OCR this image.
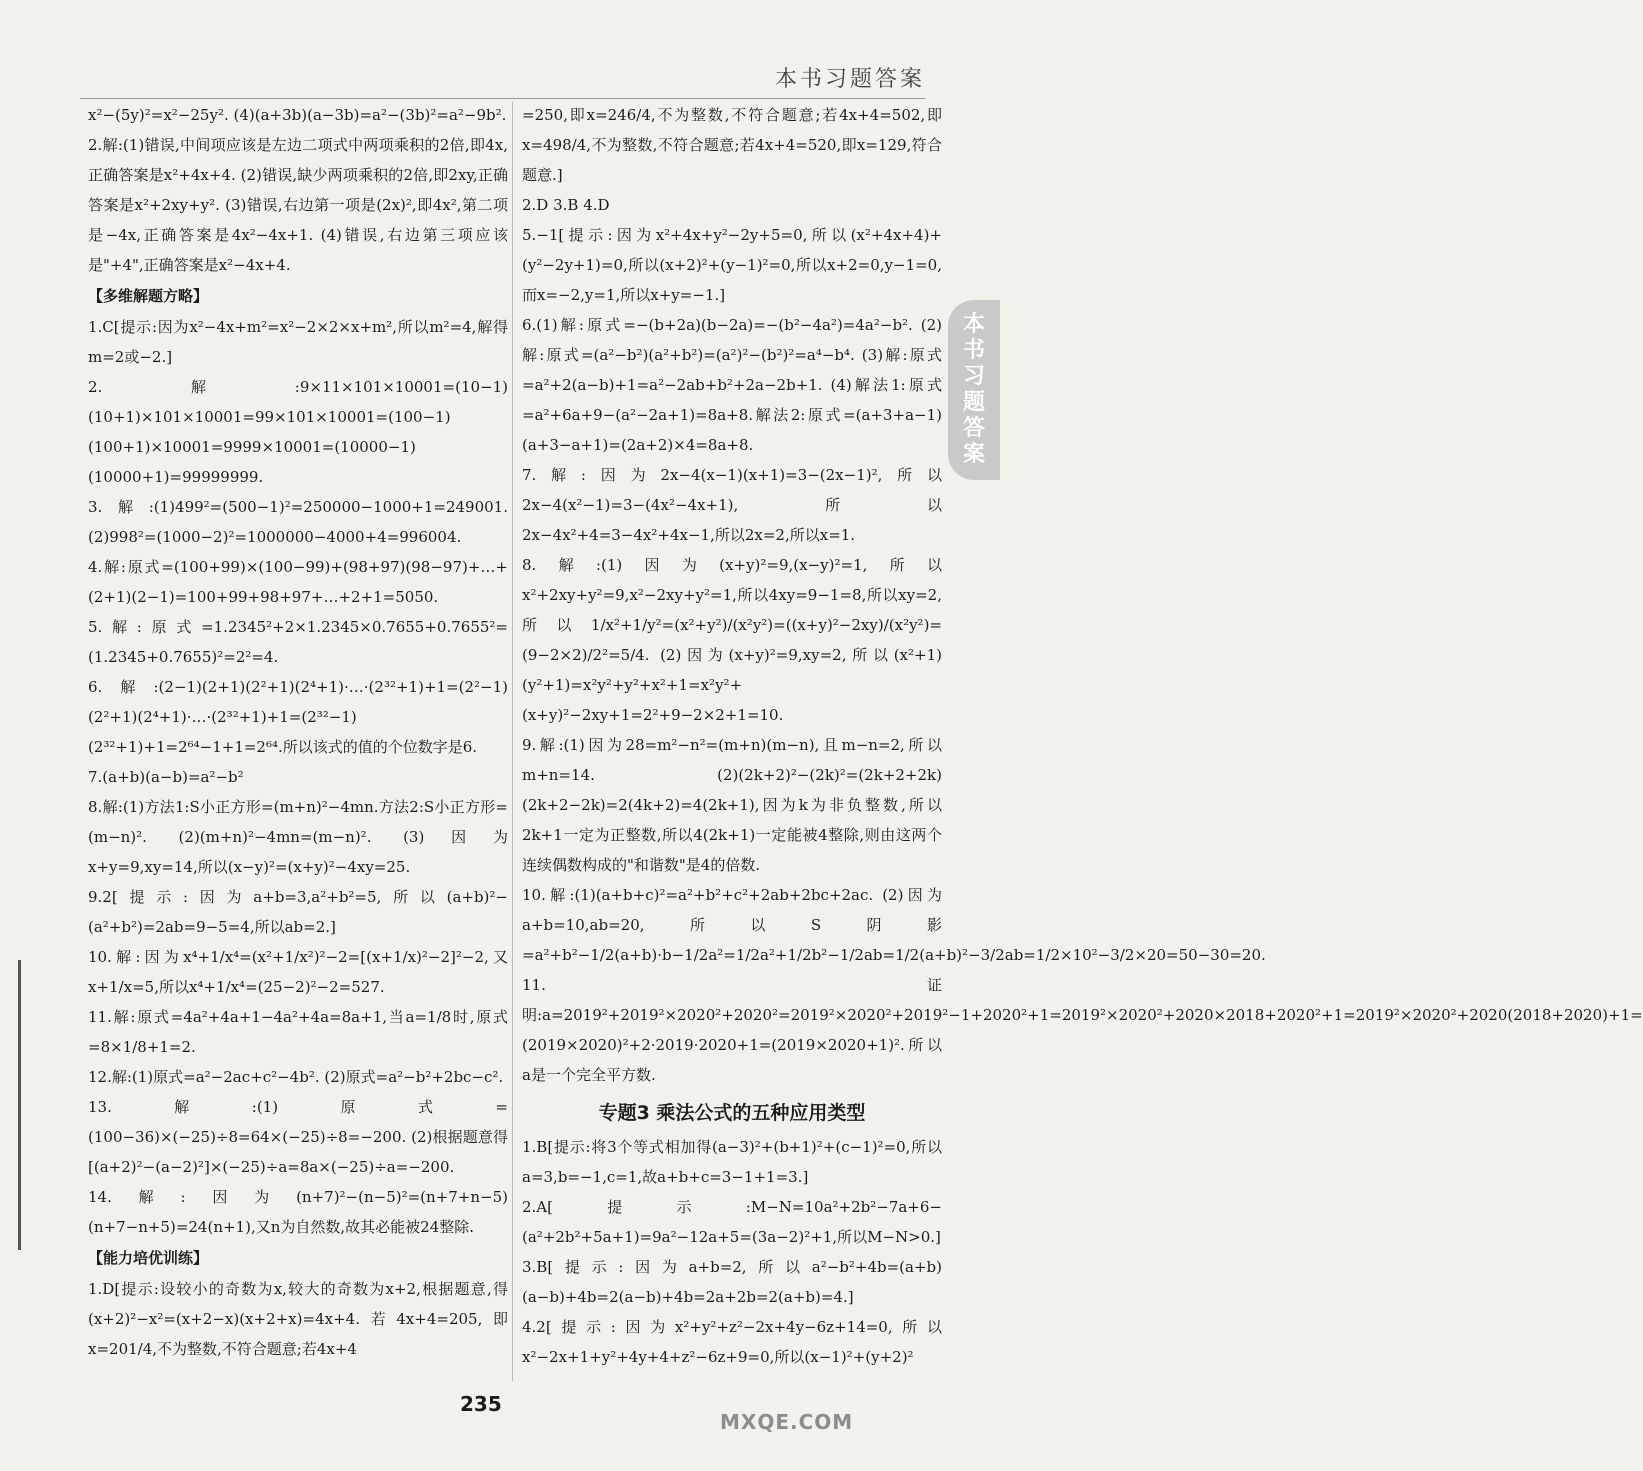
本书习题答案
本
书
习
题
答
案

x²−(5y)²=x²−25y². (4)(a+3b)(a−3b)=a²−(3b)²=a²−9b².

2.解:(1)错误,中间项应该是左边二项式中两项乘积的2倍,即4x,正确答案是x²+4x+4. (2)错误,缺少两项乘积的2倍,即2xy,正确答案是x²+2xy+y². (3)错误,右边第一项是(2x)²,即4x²,第二项是−4x,正确答案是4x²−4x+1. (4)错误,右边第三项应该是"+4",正确答案是x²−4x+4.

【多维解题方略】

1.C[提示:因为x²−4x+m²=x²−2×2×x+m²,所以m²=4,解得m=2或−2.]

2.解:9×11×101×10001=(10−1)(10+1)×101×10001=99×101×10001=(100−1)(100+1)×10001=9999×10001=(10000−1)(10000+1)=99999999.

3.解:(1)499²=(500−1)²=250000−1000+1=249001. (2)998²=(1000−2)²=1000000−4000+4=996004.

4.解:原式=(100+99)×(100−99)+(98+97)(98−97)+…+(2+1)(2−1)=100+99+98+97+…+2+1=5050.

5.解:原式=1.2345²+2×1.2345×0.7655+0.7655²=(1.2345+0.7655)²=2²=4.

6.解:(2−1)(2+1)(2²+1)(2⁴+1)·…·(2³²+1)+1=(2²−1)(2²+1)(2⁴+1)·…·(2³²+1)+1=(2³²−1)(2³²+1)+1=2⁶⁴−1+1=2⁶⁴.所以该式的值的个位数字是6.

7.(a+b)(a−b)=a²−b²

8.解:(1)方法1:S小正方形=(m+n)²−4mn.方法2:S小正方形=(m−n)². (2)(m+n)²−4mn=(m−n)². (3)因为x+y=9,xy=14,所以(x−y)²=(x+y)²−4xy=25.

9.2[提示:因为a+b=3,a²+b²=5,所以(a+b)²−(a²+b²)=2ab=9−5=4,所以ab=2.]

10.解:因为x⁴+1/x⁴=(x²+1/x²)²−2=[(x+1/x)²−2]²−2,又x+1/x=5,所以x⁴+1/x⁴=(25−2)²−2=527.

11.解:原式=4a²+4a+1−4a²+4a=8a+1,当a=1/8时,原式=8×1/8+1=2.

12.解:(1)原式=a²−2ac+c²−4b². (2)原式=a²−b²+2bc−c².

13.解:(1)原式=(100−36)×(−25)÷8=64×(−25)÷8=−200. (2)根据题意得[(a+2)²−(a−2)²]×(−25)÷a=8a×(−25)÷a=−200.

14.解:因为(n+7)²−(n−5)²=(n+7+n−5)(n+7−n+5)=24(n+1),又n为自然数,故其必能被24整除.

【能力培优训练】

1.D[提示:设较小的奇数为x,较大的奇数为x+2,根据题意,得(x+2)²−x²=(x+2−x)(x+2+x)=4x+4.若4x+4=205,即x=201/4,不为整数,不符合题意;若4x+4

=250,即x=246/4,不为整数,不符合题意;若4x+4=502,即x=498/4,不为整数,不符合题意;若4x+4=520,即x=129,符合题意.]

2.D 3.B 4.D

5.−1[提示:因为x²+4x+y²−2y+5=0,所以(x²+4x+4)+(y²−2y+1)=0,所以(x+2)²+(y−1)²=0,所以x+2=0,y−1=0,而x=−2,y=1,所以x+y=−1.]

6.(1)解:原式=−(b+2a)(b−2a)=−(b²−4a²)=4a²−b². (2)解:原式=(a²−b²)(a²+b²)=(a²)²−(b²)²=a⁴−b⁴. (3)解:原式=a²+2(a−b)+1=a²−2ab+b²+2a−2b+1. (4)解法1:原式=a²+6a+9−(a²−2a+1)=8a+8.解法2:原式=(a+3+a−1)(a+3−a+1)=(2a+2)×4=8a+8.

7.解:因为2x−4(x−1)(x+1)=3−(2x−1)²,所以2x−4(x²−1)=3−(4x²−4x+1),所以2x−4x²+4=3−4x²+4x−1,所以2x=2,所以x=1.

8.解:(1)因为(x+y)²=9,(x−y)²=1,所以x²+2xy+y²=9,x²−2xy+y²=1,所以4xy=9−1=8,所以xy=2,所以1/x²+1/y²=(x²+y²)/(x²y²)=((x+y)²−2xy)/(x²y²)=(9−2×2)/2²=5/4. (2)因为(x+y)²=9,xy=2,所以(x²+1)(y²+1)=x²y²+y²+x²+1=x²y²+(x+y)²−2xy+1=2²+9−2×2+1=10.

9.解:(1)因为28=m²−n²=(m+n)(m−n),且m−n=2,所以m+n=14. (2)(2k+2)²−(2k)²=(2k+2+2k)(2k+2−2k)=2(4k+2)=4(2k+1),因为k为非负整数,所以2k+1一定为正整数,所以4(2k+1)一定能被4整除,则由这两个连续偶数构成的"和谐数"是4的倍数.

10.解:(1)(a+b+c)²=a²+b²+c²+2ab+2bc+2ac. (2)因为a+b=10,ab=20,所以S阴影=a²+b²−1/2(a+b)·b−1/2a²=1/2a²+1/2b²−1/2ab=1/2(a+b)²−3/2ab=1/2×10²−3/2×20=50−30=20.

11.证明:a=2019²+2019²×2020²+2020²=2019²×2020²+2019²−1+2020²+1=2019²×2020²+2020×2018+2020²+1=2019²×2020²+2020(2018+2020)+1=(2019×2020)²+2·2019·2020+1=(2019×2020+1)².所以a是一个完全平方数.

专题3 乘法公式的五种应用类型

1.B[提示:将3个等式相加得(a−3)²+(b+1)²+(c−1)²=0,所以a=3,b=−1,c=1,故a+b+c=3−1+1=3.]

2.A[提示:M−N=10a²+2b²−7a+6−(a²+2b²+5a+1)=9a²−12a+5=(3a−2)²+1,所以M−N>0.]

3.B[提示:因为a+b=2,所以a²−b²+4b=(a+b)(a−b)+4b=2(a−b)+4b=2a+2b=2(a+b)=4.]

4.2[提示:因为x²+y²+z²−2x+4y−6z+14=0,所以x²−2x+1+y²+4y+4+z²−6z+9=0,所以(x−1)²+(y+2)²

235
MXQE.COM
